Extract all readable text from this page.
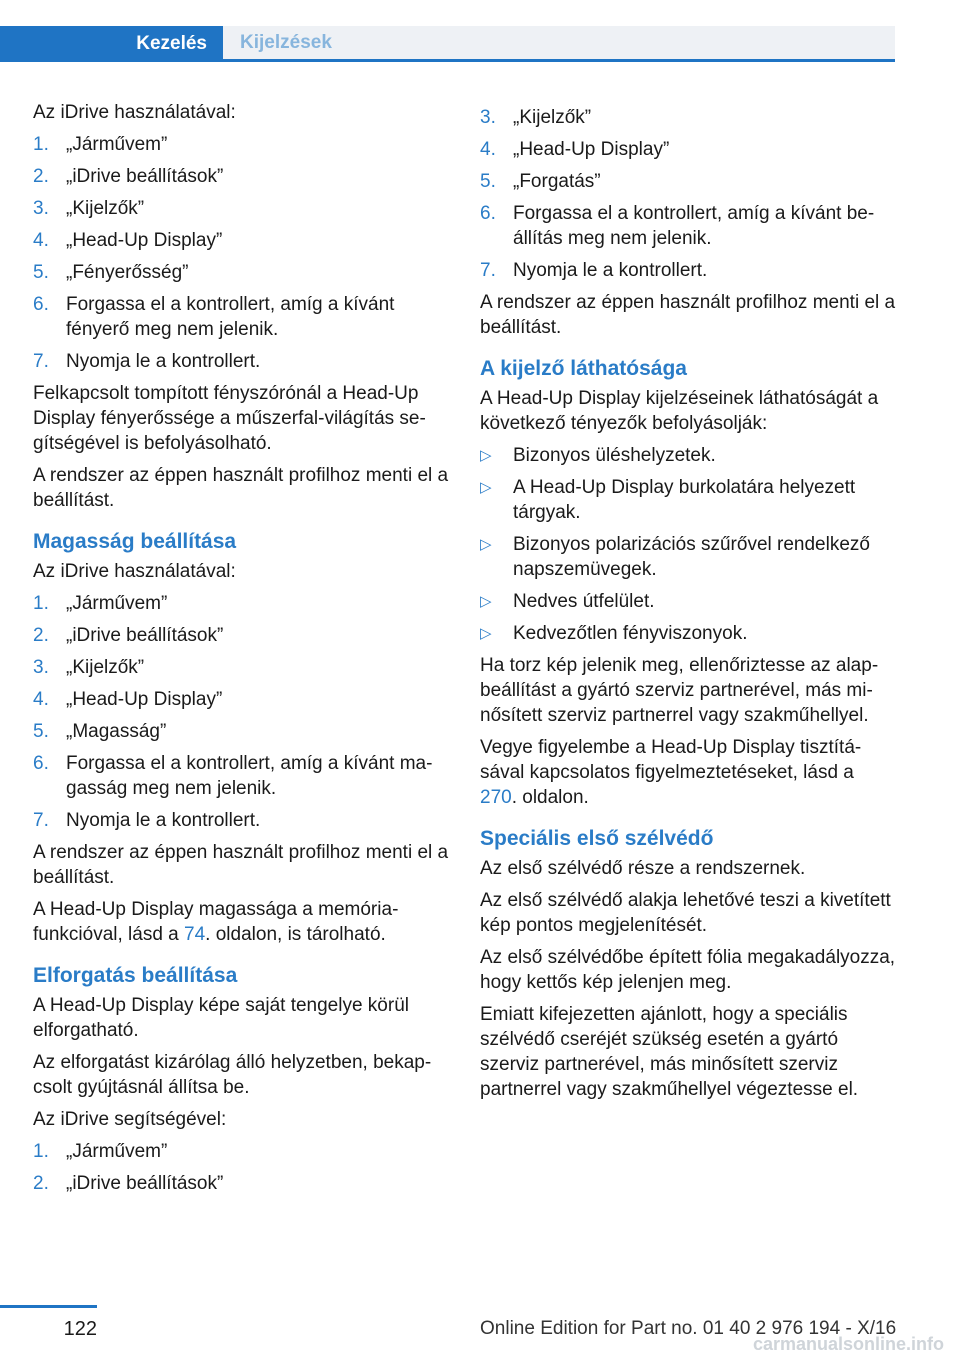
Kezelés	Kijelzések

Az iDrive használatával:

1. „Járművem”
2. „iDrive beállítások”
3. „Kijelzők”
4. „Head-Up Display”
5. „Fényerősség”
6. Forgassa el a kontrollert, amíg a kívánt fényerő meg nem jelenik.
7. Nyomja le a kontrollert.

Felkapcsolt tompított fényszórónál a Head-Up Display fényerőssége a műszerfal-világítás segítségével is befolyásolható.

A rendszer az éppen használt profilhoz menti el a beállítást.

Magasság beállítása

Az iDrive használatával:

1. „Járművem”
2. „iDrive beállítások”
3. „Kijelzők”
4. „Head-Up Display”
5. „Magasság”
6. Forgassa el a kontrollert, amíg a kívánt magasság meg nem jelenik.
7. Nyomja le a kontrollert.

A rendszer az éppen használt profilhoz menti el a beállítást.

A Head-Up Display magassága a memóriafunkcióval, lásd a 74. oldalon, is tárolható.

Elforgatás beállítása

A Head-Up Display képe saját tengelye körül elforgatható.

Az elforgatást kizárólag álló helyzetben, bekapcsolt gyújtásnál állítsa be.

Az iDrive segítségével:

1. „Járművem”
2. „iDrive beállítások”
3. „Kijelzők”
4. „Head-Up Display”
5. „Forgatás”
6. Forgassa el a kontrollert, amíg a kívánt beállítás meg nem jelenik.
7. Nyomja le a kontrollert.

A rendszer az éppen használt profilhoz menti el a beállítást.

A kijelző láthatósága

A Head-Up Display kijelzéseinek láthatóságát a következő tényezők befolyásolják:

▷	Bizonyos üléshelyzetek.
▷	A Head-Up Display burkolatára helyezett tárgyak.
▷	Bizonyos polarizációs szűrővel rendelkező napszemüvegek.
▷	Nedves útfelület.
▷	Kedvezőtlen fényviszonyok.

Ha torz kép jelenik meg, ellenőriztesse az alapbeállítást a gyártó szerviz partnerével, más minősített szerviz partnerrel vagy szakműhellyel.

Vegye figyelembe a Head-Up Display tisztításával kapcsolatos figyelmeztetéseket, lásd a 270. oldalon.

Speciális első szélvédő

Az első szélvédő része a rendszernek.

Az első szélvédő alakja lehetővé teszi a kivetített kép pontos megjelenítését.

Az első szélvédőbe épített fólia megakadályozza, hogy kettős kép jelenjen meg.

Emiatt kifejezetten ajánlott, hogy a speciális szélvédő cseréjét szükség esetén a gyártó szerviz partnerével, más minősített szerviz partnerrel vagy szakműhellyel végeztesse el.

122	Online Edition for Part no. 01 40 2 976 194 - X/16
carmanualsonline.info
